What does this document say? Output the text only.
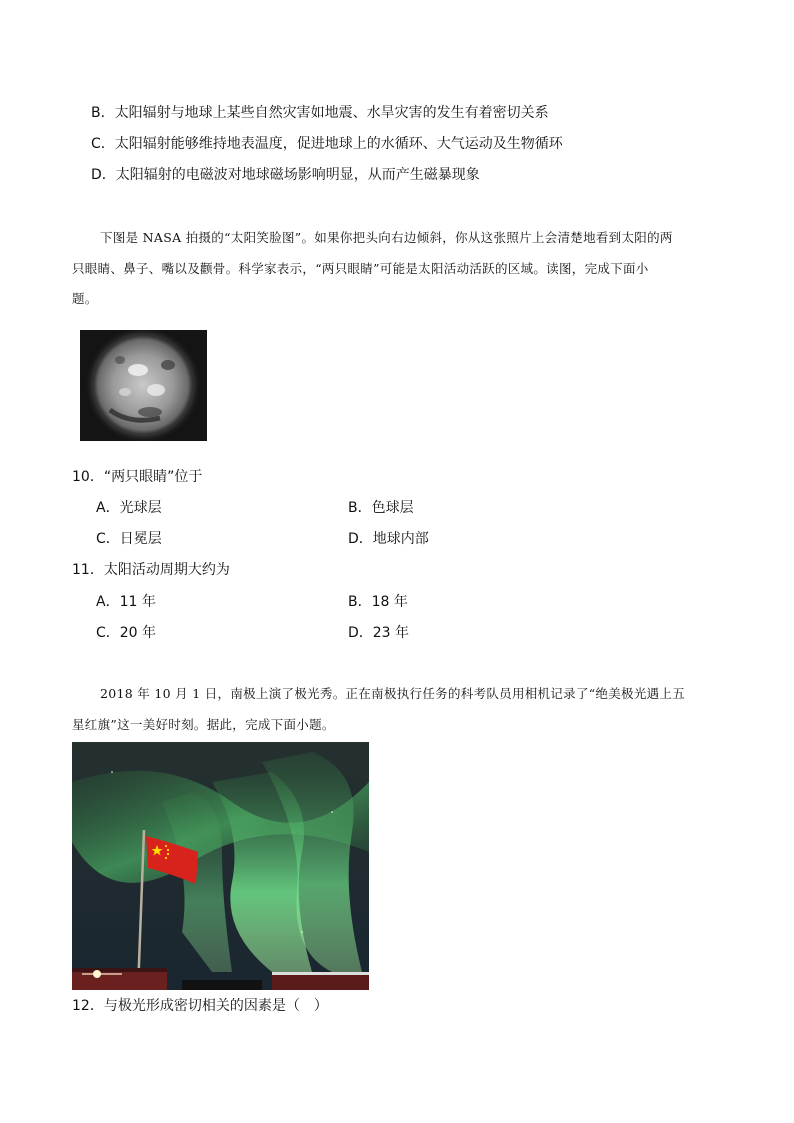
B．太阳辐射与地球上某些自然灾害如地震、水旱灾害的发生有着密切关系
C．太阳辐射能够维持地表温度，促进地球上的水循环、大气运动及生物循环
D．太阳辐射的电磁波对地球磁场影响明显，从而产生磁暴现象
下图是 NASA 拍摄的“太阳笑脸图”。如果你把头向右边倾斜，你从这张照片上会清楚地看到太阳的两
只眼睛、鼻子、嘴以及颧骨。科学家表示，“两只眼睛”可能是太阳活动活跃的区域。读图，完成下面小
题。
10．“两只眼睛”位于
A．光球层	B．色球层
C．日冕层	D．地球内部
11．太阳活动周期大约为
A．11 年	B．18 年
C．20 年	D．23 年
2018 年 10 月 1 日，南极上演了极光秀。正在南极执行任务的科考队员用相机记录了“绝美极光遇上五
星红旗”这一美好时刻。据此，完成下面小题。
12．与极光形成密切相关的因素是（　）
